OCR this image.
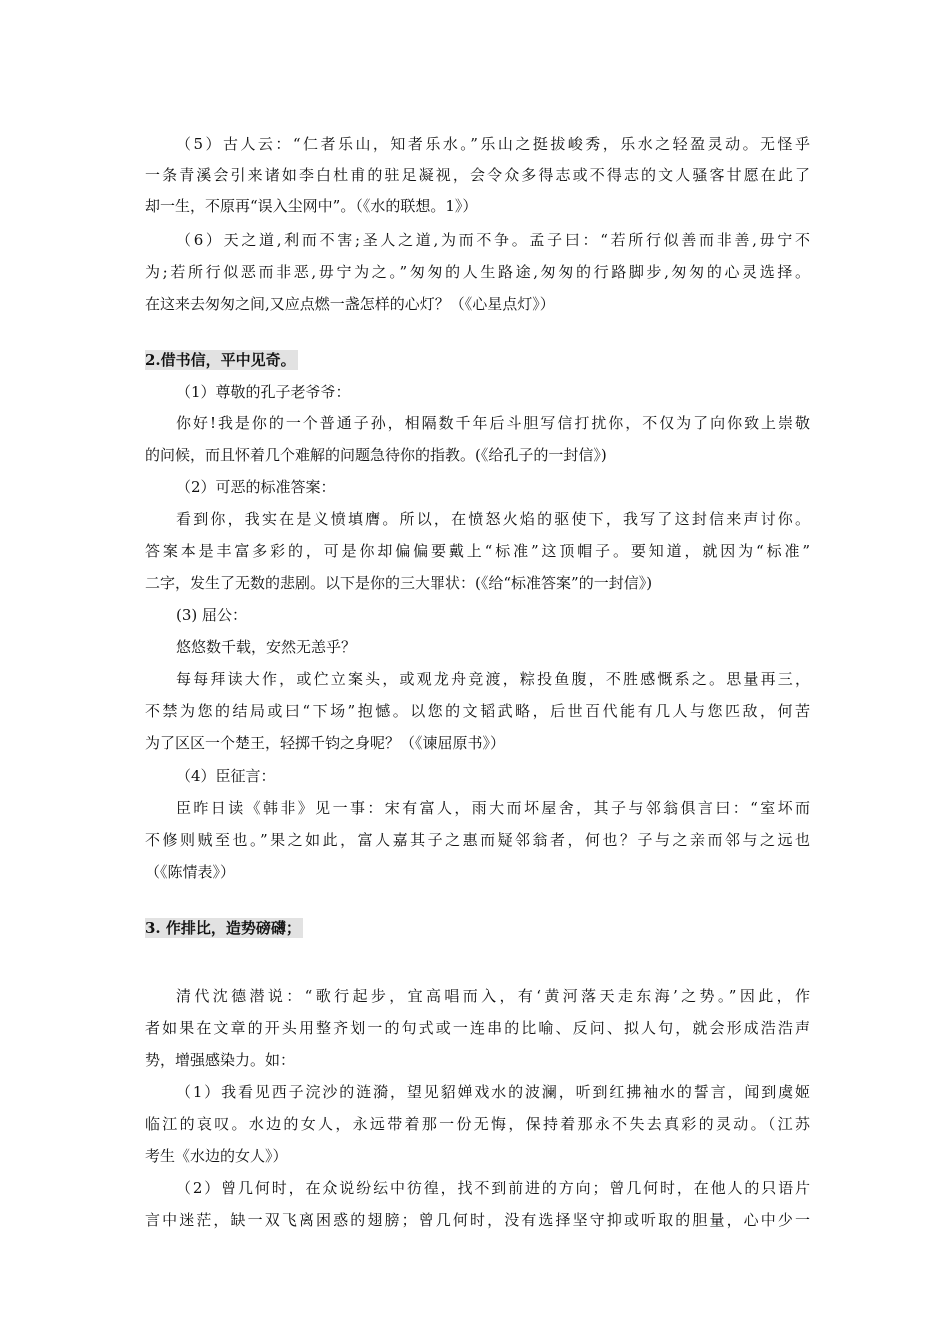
2.借书信，平中见奇。
3. 作排比，造势磅礴；
（5）古人云：“仁者乐山，知者乐水。”乐山之挺拔峻秀，乐水之轻盈灵动。无怪乎
一条青溪会引来诸如李白杜甫的驻足凝视，会令众多得志或不得志的文人骚客甘愿在此了
却一生，不原再“误入尘网中”。（《水的联想。1》）
（6）天之道,利而不害;圣人之道,为而不争。孟子曰：“若所行似善而非善,毋宁不
为;若所行似恶而非恶,毋宁为之。”匆匆的人生路途,匆匆的行路脚步,匆匆的心灵选择。
在这来去匆匆之间,又应点燃一盏怎样的心灯？（《心星点灯》）
（1）尊敬的孔子老爷爷：
你好!我是你的一个普通子孙，相隔数千年后斗胆写信打扰你，不仅为了向你致上崇敬
的问候，而且怀着几个难解的问题急待你的指教。(《给孔子的一封信》)
（2）可恶的标准答案：
看到你，我实在是义愤填膺。所以，在愤怒火焰的驱使下，我写了这封信来声讨你。
答案本是丰富多彩的，可是你却偏偏要戴上“标准”这顶帽子。要知道，就因为“标准”
二字，发生了无数的悲剧。以下是你的三大罪状：(《给“标准答案”的一封信》)
(3) 屈公：
悠悠数千载，安然无恙乎？
每每拜读大作，或伫立案头，或观龙舟竞渡，粽投鱼腹，不胜感慨系之。思量再三，
不禁为您的结局或曰“下场”抱憾。以您的文韬武略，后世百代能有几人与您匹敌，何苦
为了区区一个楚王，轻掷千钧之身呢？（《谏屈原书》）
（4）臣征言：
臣昨日读《韩非》见一事：宋有富人，雨大而坏屋舍，其子与邻翁俱言曰：“室坏而
不修则贼至也。”果之如此，富人嘉其子之惠而疑邻翁者，何也？子与之亲而邻与之远也
（《陈情表》）
清代沈德潜说：“歌行起步，宜高唱而入，有‘黄河落天走东海’之势。”因此，作
者如果在文章的开头用整齐划一的句式或一连串的比喻、反问、拟人句，就会形成浩浩声
势，增强感染力。如：
（1）我看见西子浣沙的涟漪，望见貂婵戏水的波澜，听到红拂袖水的誓言，闻到虞姬
临江的哀叹。水边的女人，永远带着那一份无悔，保持着那永不失去真彩的灵动。（江苏
考生《水边的女人》）
（2）曾几何时，在众说纷纭中彷徨，找不到前进的方向；曾几何时，在他人的只语片
言中迷茫，缺一双飞离困惑的翅膀；曾几何时，没有选择坚守抑或听取的胆量，心中少一
